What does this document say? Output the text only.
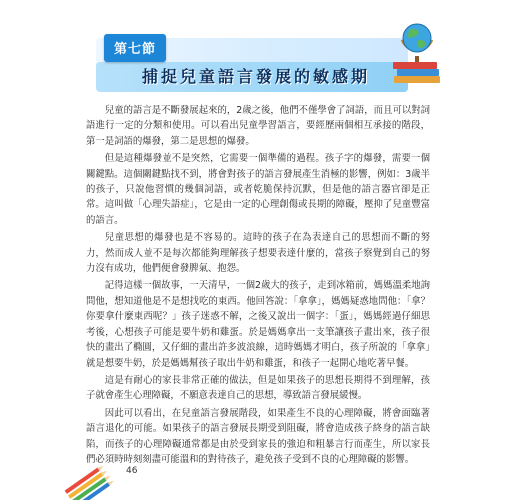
第七節
捕捉兒童語言發展的敏感期

兒童的語言是不斷發展起來的，2歲之後，他們不僅學會了詞語，而且可以對詞語進行一定的分類和使用。可以看出兒童學習語言，要經歷兩個相互承接的階段，第一是詞語的爆發，第二是思想的爆發。

但是這種爆發並不是突然，它需要一個準備的過程。孩子字的爆發，需要一個關鍵點。這個關鍵點找不到，將會對孩子的語言發展產生消極的影響，例如：3歲半的孩子，只說他習慣的幾個詞語，或者乾脆保持沉默，但是他的語言器官卻是正常。這叫做「心理失語症」，它是由一定的心理創傷或長期的障礙，壓抑了兒童豐富的語言。

兒童思想的爆發也是不容易的。這時的孩子在為表達自己的思想而不斷的努力，然而成人並不是每次都能夠理解孩子想要表達什麼的，當孩子察覺到自己的努力沒有成功，他們便會發脾氣、抱怨。

記得這樣一個故事，一天清早，一個2歲大的孩子，走到冰箱前，媽媽溫柔地詢問他，想知道他是不是想找吃的東西。他回答說：「拿拿」，媽媽疑惑地問他：「拿？你要拿什麼東西呢？」孩子迷惑不解，之後又說出一個字：「蛋」，媽媽經過仔細思考後，心想孩子可能是要牛奶和雞蛋。於是媽媽拿出一支筆讓孩子畫出來，孩子很快的畫出了橢圓，又仔細的畫出許多波浪線，這時媽媽才明白，孩子所說的「拿拿」就是想要牛奶，於是媽媽幫孩子取出牛奶和雞蛋，和孩子一起開心地吃著早餐。

這是有耐心的家長非常正確的做法，但是如果孩子的思想長期得不到理解，孩子就會產生心理障礙，不願意表達自己的思想，導致語言發展緩慢。

因此可以看出，在兒童語言發展階段，如果產生不良的心理障礙，將會面臨著語言退化的可能。如果孩子的語言發展長期受到阻礙，將會造成孩子終身的語言缺陷，而孩子的心理障礙通常都是由於受到家長的強迫和粗暴言行而產生，所以家長們必須時時刻刻盡可能溫和的對待孩子，避免孩子受到不良的心理障礙的影響。

46
